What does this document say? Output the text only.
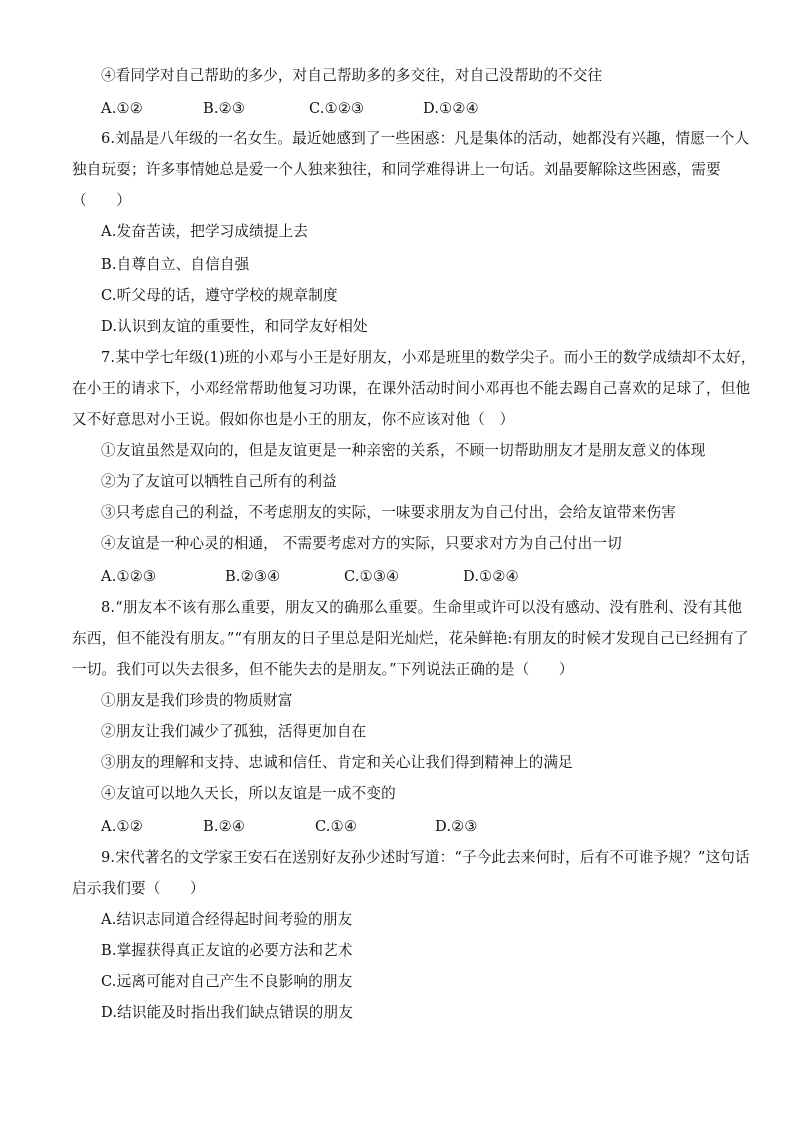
④看同学对自己帮助的多少，对自己帮助多的多交往，对自己没帮助的不交往
A.①②	B.②③	C.①②③	D.①②④
6.刘晶是八年级的一名女生。最近她感到了一些困惑：凡是集体的活动，她都没有兴趣，情愿一个人
独自玩耍；许多事情她总是爱一个人独来独往，和同学难得讲上一句话。刘晶要解除这些困惑，需要
（　　）
A.发奋苦读，把学习成绩提上去
B.自尊自立、自信自强
C.听父母的话，遵守学校的规章制度
D.认识到友谊的重要性，和同学友好相处
7.某中学七年级(1)班的小邓与小王是好朋友，小邓是班里的数学尖子。而小王的数学成绩却不太好，
在小王的请求下，小邓经常帮助他复习功课，在课外活动时间小邓再也不能去踢自己喜欢的足球了，但他
又不好意思对小王说。假如你也是小王的朋友，你不应该对他（　）
①友谊虽然是双向的，但是友谊更是一种亲密的关系，不顾一切帮助朋友才是朋友意义的体现
②为了友谊可以牺牲自己所有的利益
③只考虑自己的利益，不考虑朋友的实际，一味要求朋友为自己付出，会给友谊带来伤害
④友谊是一种心灵的相通， 不需要考虑对方的实际，只要求对方为自己付出一切
A.①②③	B.②③④	C.①③④	D.①②④
8.“朋友本不该有那么重要，朋友又的确那么重要。生命里或许可以没有感动、没有胜利、没有其他
东西，但不能没有朋友。”“有朋友的日子里总是阳光灿烂，花朵鲜艳:有朋友的时候才发现自己已经拥有了
一切。我们可以失去很多，但不能失去的是朋友。”下列说法正确的是（　　）
①朋友是我们珍贵的物质财富
②朋友让我们减少了孤独，活得更加自在
③朋友的理解和支持、忠诚和信任、肯定和关心让我们得到精神上的满足
④友谊可以地久天长，所以友谊是一成不变的
A.①②	B.②④	C.①④	D.②③
9.宋代著名的文学家王安石在送别好友孙少述时写道：“子今此去来何时，后有不可谁予规？”这句话
启示我们要（　　）
A.结识志同道合经得起时间考验的朋友
B.掌握获得真正友谊的必要方法和艺术
C.远离可能对自己产生不良影响的朋友
D.结识能及时指出我们缺点错误的朋友
